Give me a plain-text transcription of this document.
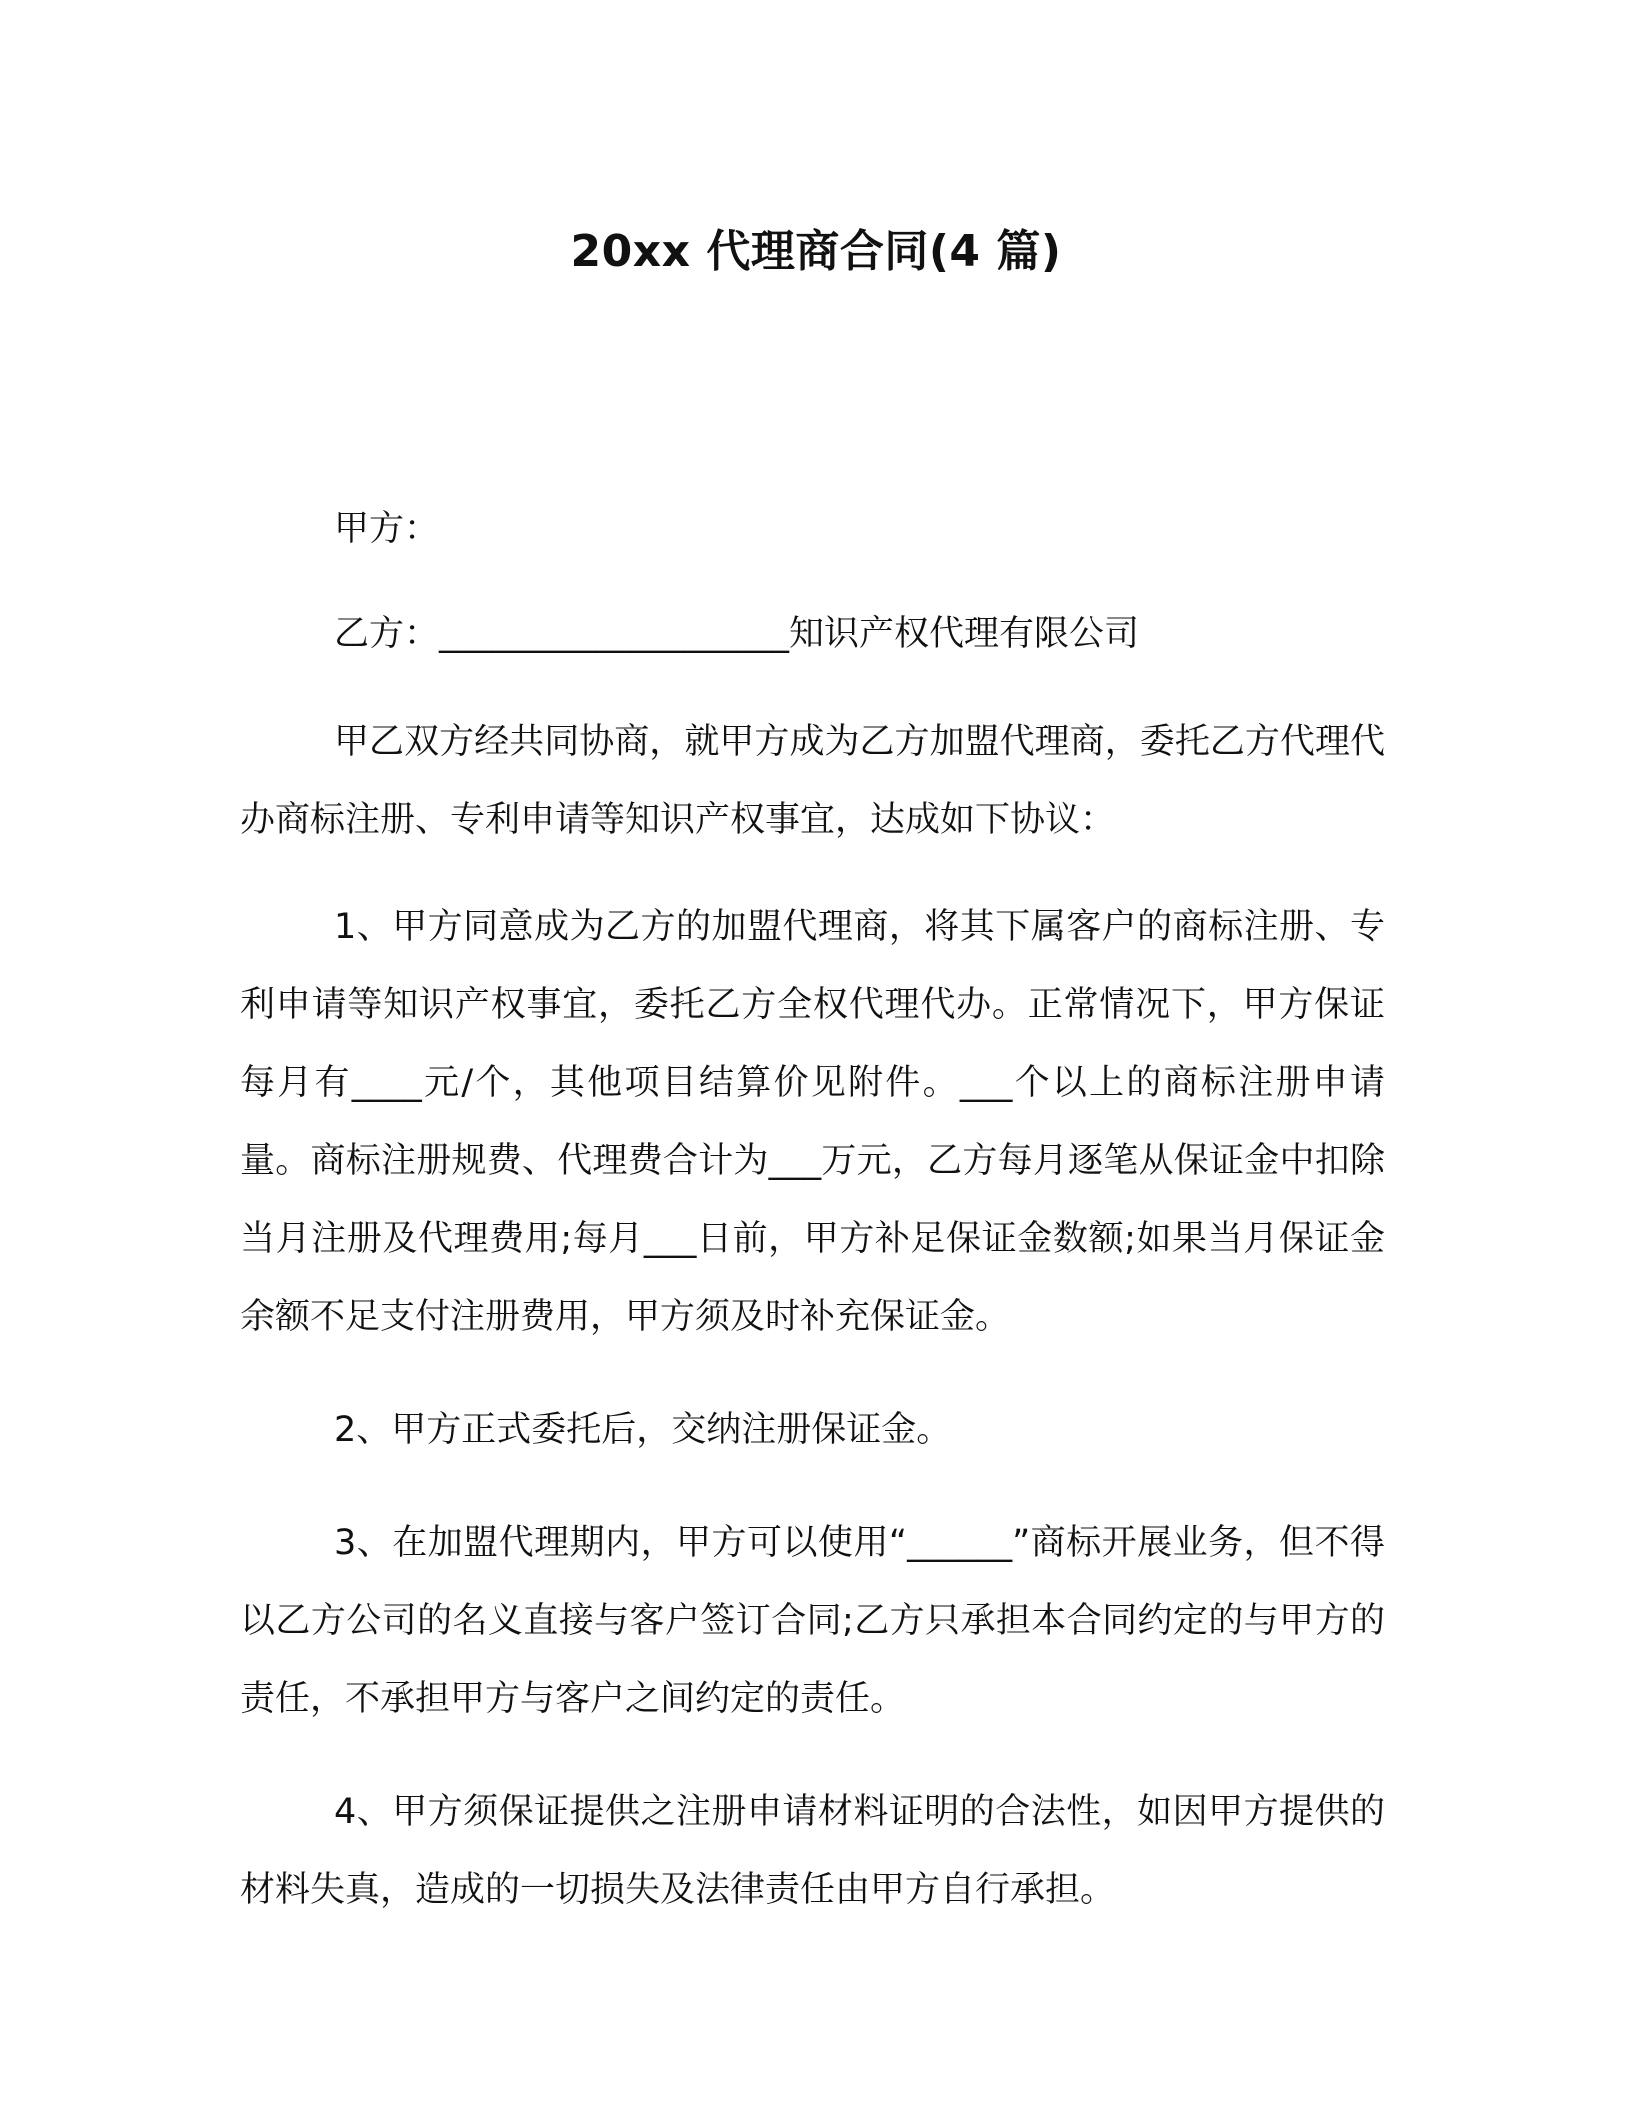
20xx 代理商合同(4 篇)

甲方：

乙方：____________________知识产权代理有限公司

甲乙双方经共同协商，就甲方成为乙方加盟代理商，委托乙方代理代办商标注册、专利申请等知识产权事宜，达成如下协议：

1、甲方同意成为乙方的加盟代理商，将其下属客户的商标注册、专利申请等知识产权事宜，委托乙方全权代理代办。正常情况下，甲方保证每月有____元/个，其他项目结算价见附件。___个以上的商标注册申请量。商标注册规费、代理费合计为___万元，乙方每月逐笔从保证金中扣除当月注册及代理费用;每月___日前，甲方补足保证金数额;如果当月保证金余额不足支付注册费用，甲方须及时补充保证金。

2、甲方正式委托后，交纳注册保证金。

3、在加盟代理期内，甲方可以使用“______”商标开展业务，但不得以乙方公司的名义直接与客户签订合同;乙方只承担本合同约定的与甲方的责任，不承担甲方与客户之间约定的责任。

4、甲方须保证提供之注册申请材料证明的合法性，如因甲方提供的材料失真，造成的一切损失及法律责任由甲方自行承担。
